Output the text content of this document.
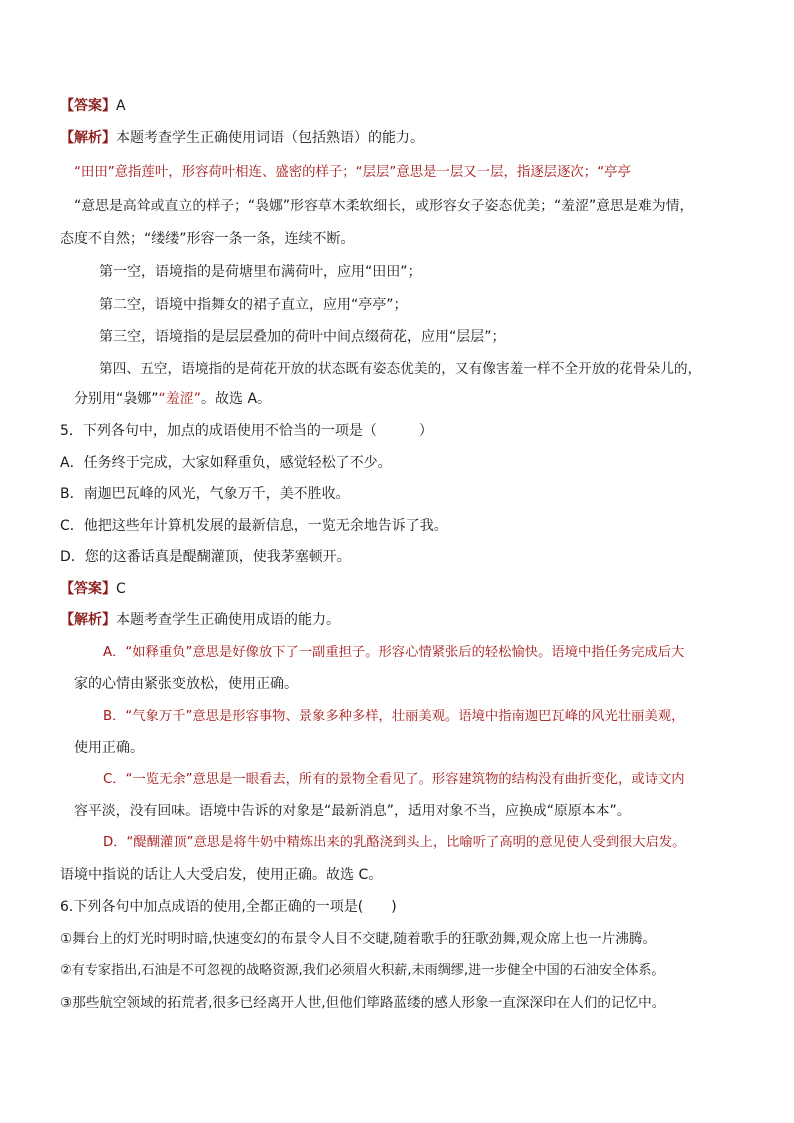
【答案】A
【解析】本题考查学生正确使用词语（包括熟语）的能力。
“田田”意指莲叶，形容荷叶相连、盛密的样子；“层层”意思是一层又一层，指逐层逐次；“亭亭
“意思是高耸或直立的样子；“袅娜”形容草木柔软细长，或形容女子姿态优美；“羞涩”意思是难为情，
态度不自然；“缕缕”形容一条一条，连续不断。
第一空，语境指的是荷塘里布满荷叶，应用“田田”；
第二空，语境中指舞女的裙子直立，应用“亭亭”；
第三空，语境指的是层层叠加的荷叶中间点缀荷花，应用“层层”；
第四、五空，语境指的是荷花开放的状态既有姿态优美的，又有像害羞一样不全开放的花骨朵儿的，
分别用“袅娜”“羞涩”。故选 A。
5．下列各句中，加点的成语使用不恰当的一项是（　　　）
A．任务终于完成，大家如释重负，感觉轻松了不少。
B．南迦巴瓦峰的风光，气象万千，美不胜收。
C．他把这些年计算机发展的最新信息，一览无余地告诉了我。
D．您的这番话真是醍醐灌顶，使我茅塞顿开。
【答案】C
【解析】本题考查学生正确使用成语的能力。
A．“如释重负”意思是好像放下了一副重担子。形容心情紧张后的轻松愉快。语境中指任务完成后大
家的心情由紧张变放松，使用正确。
B．“气象万千”意思是形容事物、景象多种多样，壮丽美观。语境中指南迦巴瓦峰的风光壮丽美观，
使用正确。
C．“一览无余”意思是一眼看去，所有的景物全看见了。形容建筑物的结构没有曲折变化，或诗文内
容平淡，没有回味。语境中告诉的对象是“最新消息”，适用对象不当，应换成“原原本本”。
D．“醍醐灌顶”意思是将牛奶中精炼出来的乳酪浇到头上，比喻听了高明的意见使人受到很大启发。
语境中指说的话让人大受启发，使用正确。故选 C。
6.下列各句中加点成语的使用,全都正确的一项是(　　)
①舞台上的灯光时明时暗,快速变幻的布景令人目不交睫,随着歌手的狂歌劲舞,观众席上也一片沸腾。
②有专家指出,石油是不可忽视的战略资源,我们必须眉火积薪,未雨绸缪,进一步健全中国的石油安全体系。
③那些航空领域的拓荒者,很多已经离开人世,但他们筚路蓝缕的感人形象一直深深印在人们的记忆中。
